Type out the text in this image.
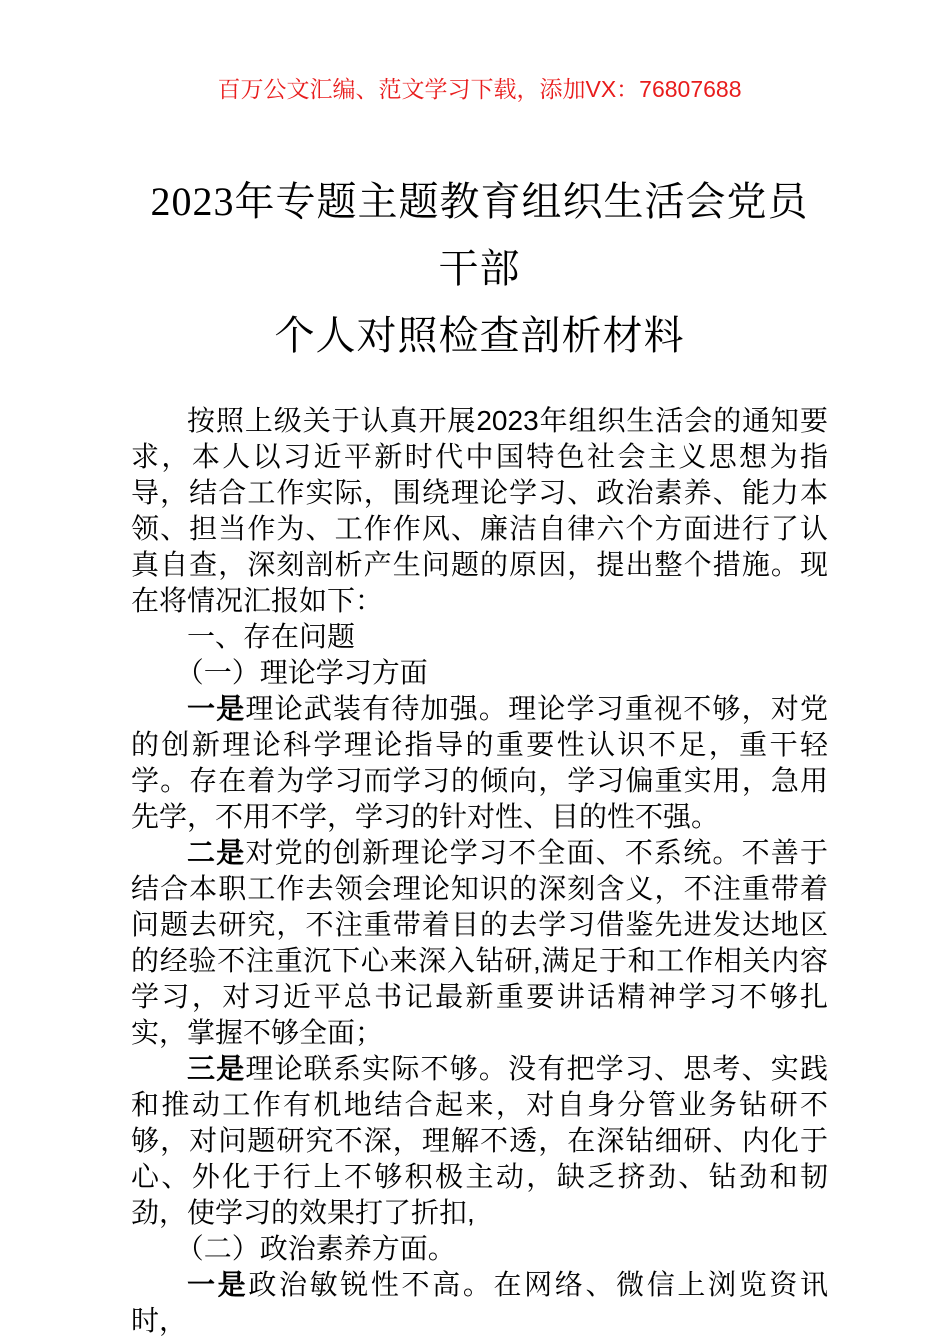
百万公文汇编、范文学习下载，添加VX：76807688
2023年专题主题教育组织生活会党员干部
个人对照检查剖析材料

按照上级关于认真开展2023年组织生活会的通知要求，本人以习近平新时代中国特色社会主义思想为指导，结合工作实际，围绕理论学习、政治素养、能力本领、担当作为、工作作风、廉洁自律六个方面进行了认真自查，深刻剖析产生问题的原因，提出整个措施。现在将情况汇报如下：

一、存在问题

（一）理论学习方面

一是理论武装有待加强。理论学习重视不够，对党的创新理论科学理论指导的重要性认识不足，重干轻学。存在着为学习而学习的倾向，学习偏重实用，急用先学，不用不学，学习的针对性、目的性不强。

二是对党的创新理论学习不全面、不系统。不善于结合本职工作去领会理论知识的深刻含义，不注重带着问题去研究，不注重带着目的去学习借鉴先进发达地区的经验不注重沉下心来深入钻研,满足于和工作相关内容学习，对习近平总书记最新重要讲话精神学习不够扎实，掌握不够全面；

三是理论联系实际不够。没有把学习、思考、实践和推动工作有机地结合起来，对自身分管业务钻研不够，对问题研究不深，理解不透，在深钻细研、内化于心、外化于行上不够积极主动，缺乏挤劲、钻劲和韧劲，使学习的效果打了折扣,

（二）政治素养方面。

一是政治敏锐性不高。在网络、微信上浏览资讯时，
